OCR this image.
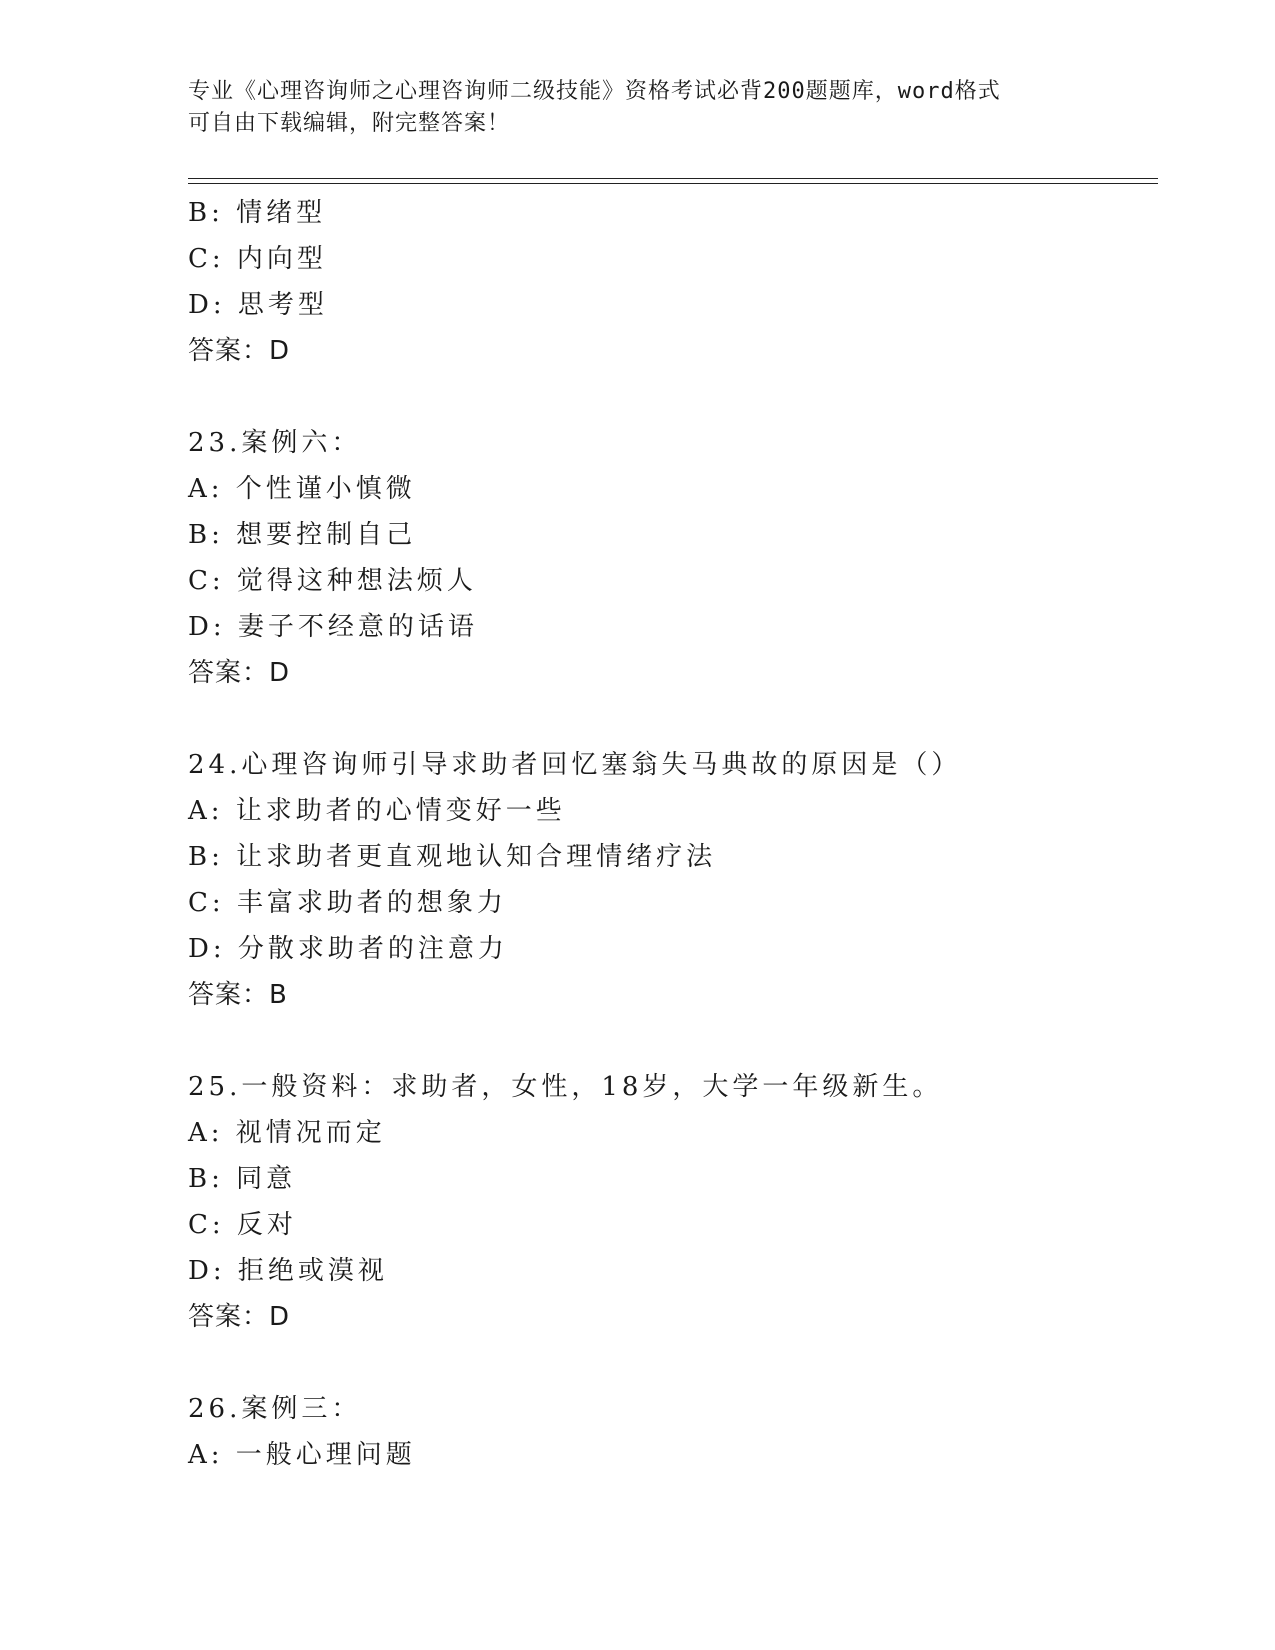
专业《心理咨询师之心理咨询师二级技能》资格考试必背200题题库，word格式
可自由下载编辑，附完整答案！
B: 情绪型
C: 内向型
D: 思考型
答案：D
23.案例六：
A: 个性谨小慎微
B: 想要控制自己
C: 觉得这种想法烦人
D: 妻子不经意的话语
答案：D
24.心理咨询师引导求助者回忆塞翁失马典故的原因是（）
A: 让求助者的心情变好一些
B: 让求助者更直观地认知合理情绪疗法
C: 丰富求助者的想象力
D: 分散求助者的注意力
答案：B
25.一般资料：求助者，女性，18岁，大学一年级新生。
A: 视情况而定
B: 同意
C: 反对
D: 拒绝或漠视
答案：D
26.案例三：
A: 一般心理问题
